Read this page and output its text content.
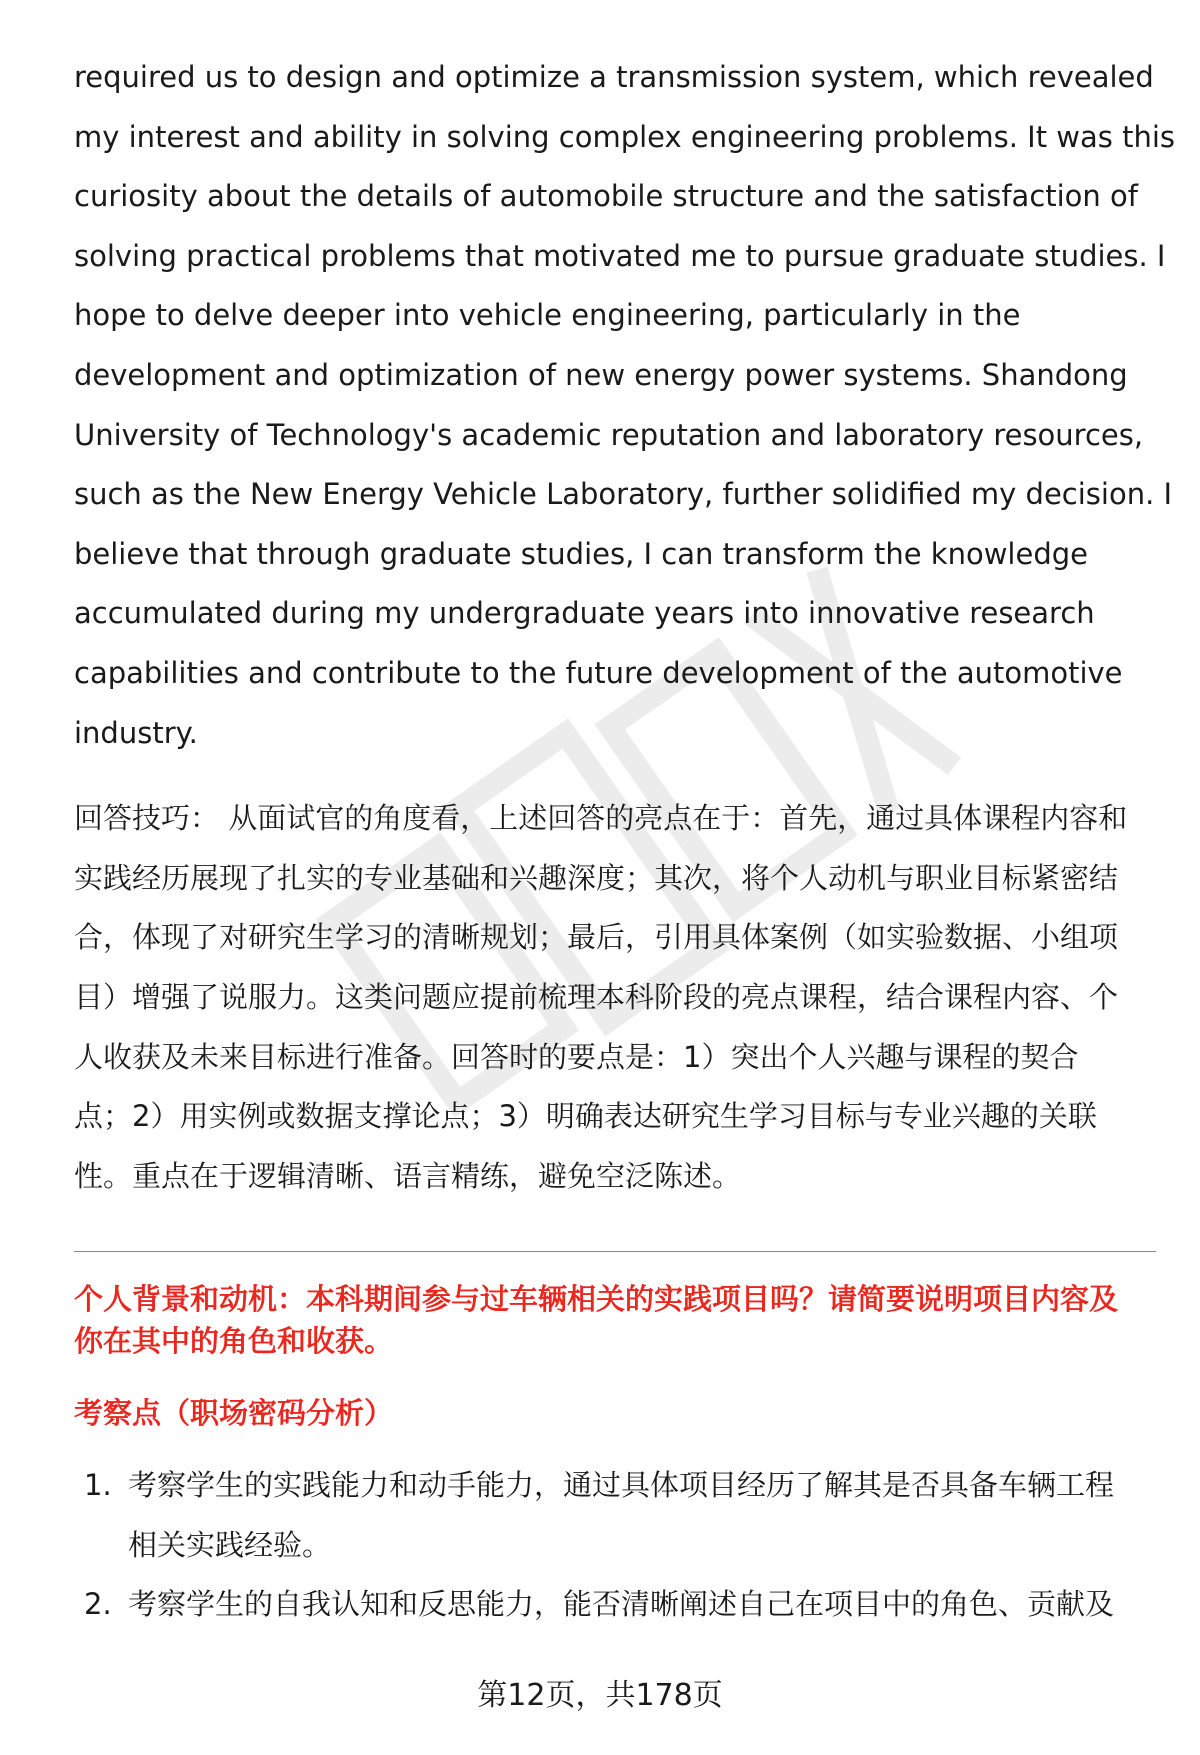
required us to design and optimize a transmission system, which revealed
my interest and ability in solving complex engineering problems. It was this
curiosity about the details of automobile structure and the satisfaction of
solving practical problems that motivated me to pursue graduate studies. I
hope to delve deeper into vehicle engineering, particularly in the
development and optimization of new energy power systems. Shandong
University of Technology's academic reputation and laboratory resources,
such as the New Energy Vehicle Laboratory, further solidified my decision. I
believe that through graduate studies, I can transform the knowledge
accumulated during my undergraduate years into innovative research
capabilities and contribute to the future development of the automotive
industry.

回答技巧： 从面试官的角度看，上述回答的亮点在于：首先，通过具体课程内容和
实践经历展现了扎实的专业基础和兴趣深度；其次，将个人动机与职业目标紧密结
合，体现了对研究生学习的清晰规划；最后，引用具体案例（如实验数据、小组项
目）增强了说服力。这类问题应提前梳理本科阶段的亮点课程，结合课程内容、个
人收获及未来目标进行准备。回答时的要点是：1）突出个人兴趣与课程的契合
点；2）用实例或数据支撑论点；3）明确表达研究生学习目标与专业兴趣的关联
性。重点在于逻辑清晰、语言精练，避免空泛陈述。

个人背景和动机：本科期间参与过车辆相关的实践项目吗？请简要说明项目内容及
你在其中的角色和收获。
考察点（职场密码分析）
1. 考察学生的实践能力和动手能力，通过具体项目经历了解其是否具备车辆工程
相关实践经验。
2. 考察学生的自我认知和反思能力，能否清晰阐述自己在项目中的角色、贡献及
第12页，共178页
